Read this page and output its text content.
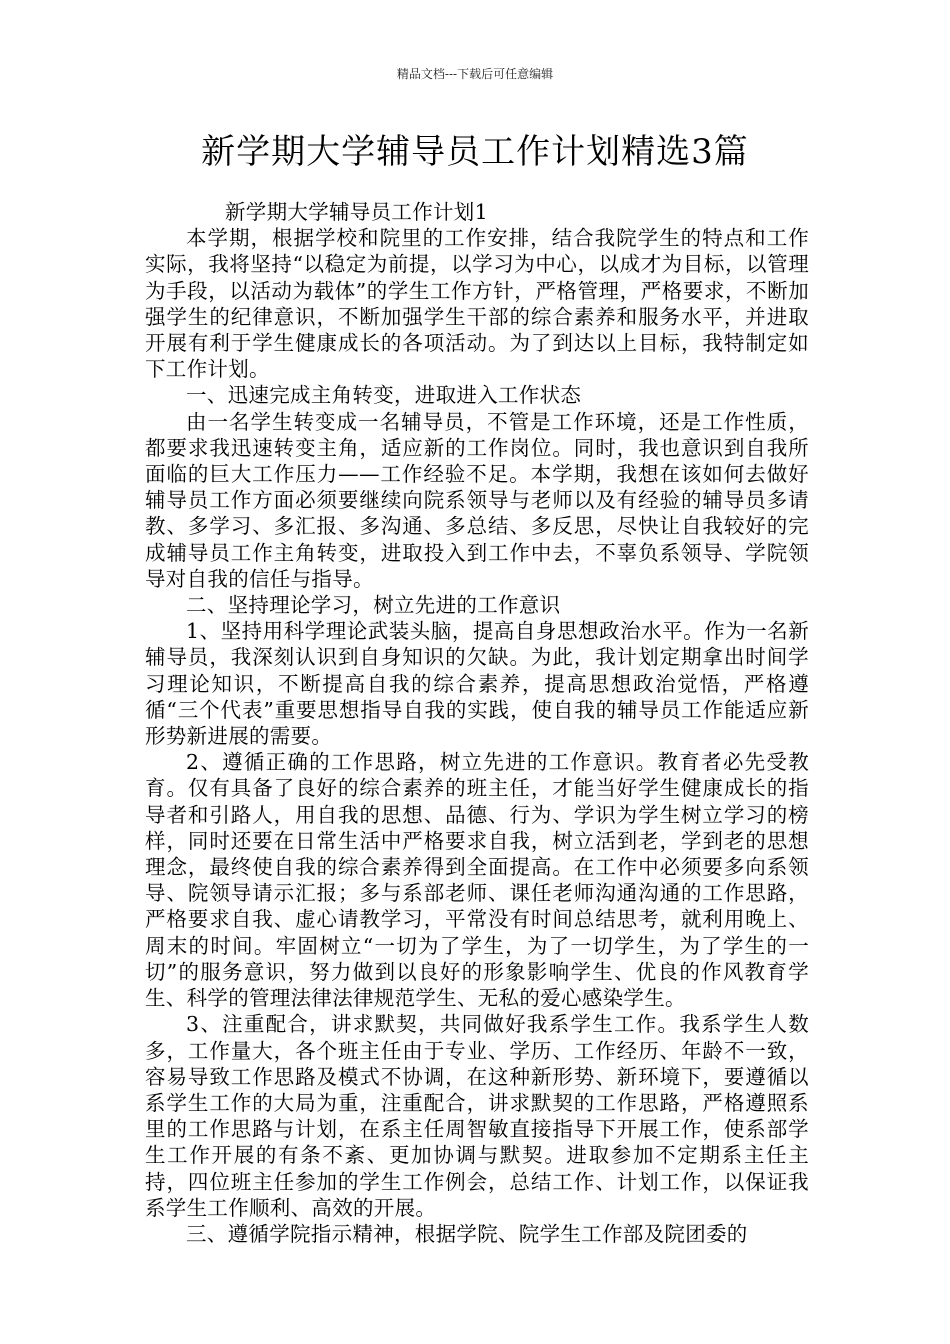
精品文档---下载后可任意编辑
新学期大学辅导员工作计划精选3篇

新学期大学辅导员工作计划1

本学期，根据学校和院里的工作安排，结合我院学生的特点和工作实际，我将坚持“以稳定为前提，以学习为中心，以成才为目标，以管理为手段，以活动为载体”的学生工作方针，严格管理，严格要求，不断加强学生的纪律意识，不断加强学生干部的综合素养和服务水平，并进取开展有利于学生健康成长的各项活动。为了到达以上目标，我特制定如下工作计划。

一、迅速完成主角转变，进取进入工作状态

由一名学生转变成一名辅导员，不管是工作环境，还是工作性质，都要求我迅速转变主角，适应新的工作岗位。同时，我也意识到自我所面临的巨大工作压力——工作经验不足。本学期，我想在该如何去做好辅导员工作方面必须要继续向院系领导与老师以及有经验的辅导员多请教、多学习、多汇报、多沟通、多总结、多反思，尽快让自我较好的完成辅导员工作主角转变，进取投入到工作中去，不辜负系领导、学院领导对自我的信任与指导。

二、坚持理论学习，树立先进的工作意识

1、坚持用科学理论武装头脑，提高自身思想政治水平。作为一名新辅导员，我深刻认识到自身知识的欠缺。为此，我计划定期拿出时间学习理论知识，不断提高自我的综合素养，提高思想政治觉悟，严格遵循“三个代表”重要思想指导自我的实践，使自我的辅导员工作能适应新形势新进展的需要。

2、遵循正确的工作思路，树立先进的工作意识。教育者必先受教育。仅有具备了良好的综合素养的班主任，才能当好学生健康成长的指导者和引路人，用自我的思想、品德、行为、学识为学生树立学习的榜样，同时还要在日常生活中严格要求自我，树立活到老，学到老的思想理念，最终使自我的综合素养得到全面提高。在工作中必须要多向系领导、院领导请示汇报；多与系部老师、课任老师沟通沟通的工作思路，严格要求自我、虚心请教学习，平常没有时间总结思考，就利用晚上、周末的时间。牢固树立“一切为了学生，为了一切学生，为了学生的一切”的服务意识，努力做到以良好的形象影响学生、优良的作风教育学生、科学的管理法律法律规范学生、无私的爱心感染学生。

3、注重配合，讲求默契，共同做好我系学生工作。我系学生人数多，工作量大，各个班主任由于专业、学历、工作经历、年龄不一致，容易导致工作思路及模式不协调，在这种新形势、新环境下，要遵循以系学生工作的大局为重，注重配合，讲求默契的工作思路，严格遵照系里的工作思路与计划，在系主任周智敏直接指导下开展工作，使系部学生工作开展的有条不紊、更加协调与默契。进取参加不定期系主任主持，四位班主任参加的学生工作例会，总结工作、计划工作，以保证我系学生工作顺利、高效的开展。

三、遵循学院指示精神，根据学院、院学生工作部及院团委的
